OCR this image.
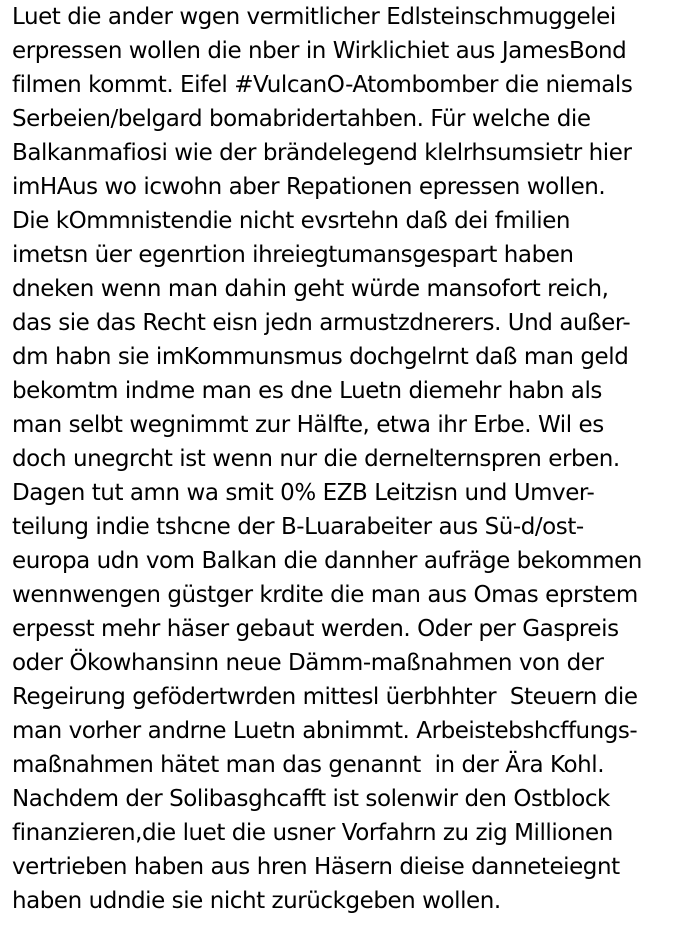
Luet die ander wgen vermitlicher Edlsteinschmuggelei
erpressen wollen die nber in Wirklichiet aus JamesBond
filmen kommt. Eifel #VulcanO-Atombomber die niemals
Serbeien/belgard bomabridertahben. Für welche die
Balkanmafiosi wie der brändelegend klelrhsumsietr hier
imHAus wo icwohn aber Repationen epressen wollen.
Die kOmmnistendie nicht evsrtehn daß dei fmilien
imetsn üer egenrtion ihreiegtumansgespart haben
dneken wenn man dahin geht würde mansofort reich,
das sie das Recht eisn jedn armustzdnerers. Und außer-
dm habn sie imKommunsmus dochgelrnt daß man geld
bekomtm indme man es dne Luetn diemehr habn als
man selbt wegnimmt zur Hälfte, etwa ihr Erbe. Wil es
doch unegrcht ist wenn nur die dernelternspren erben.
Dagen tut amn wa smit 0% EZB Leitzisn und Umver-
teilung indie tshcne der B-Luarabeiter aus Sü-d/ost-
europa udn vom Balkan die dannher aufräge bekommen
wennwengen güstger krdite die man aus Omas eprstem
erpesst mehr häser gebaut werden. Oder per Gaspreis
oder Ökowhansinn neue Dämm-maßnahmen von der
Regeirung gefödertwrden mittesl üerbhhter  Steuern die
man vorher andrne Luetn abnimmt. Arbeistebshcffungs-
maßnahmen hätet man das genannt  in der Ära Kohl.
Nachdem der Solibasghcafft ist solenwir den Ostblock
finanzieren,die luet die usner Vorfahrn zu zig Millionen
vertrieben haben aus hren Häsern dieise danneteiegnt
haben udndie sie nicht zurückgeben wollen.
